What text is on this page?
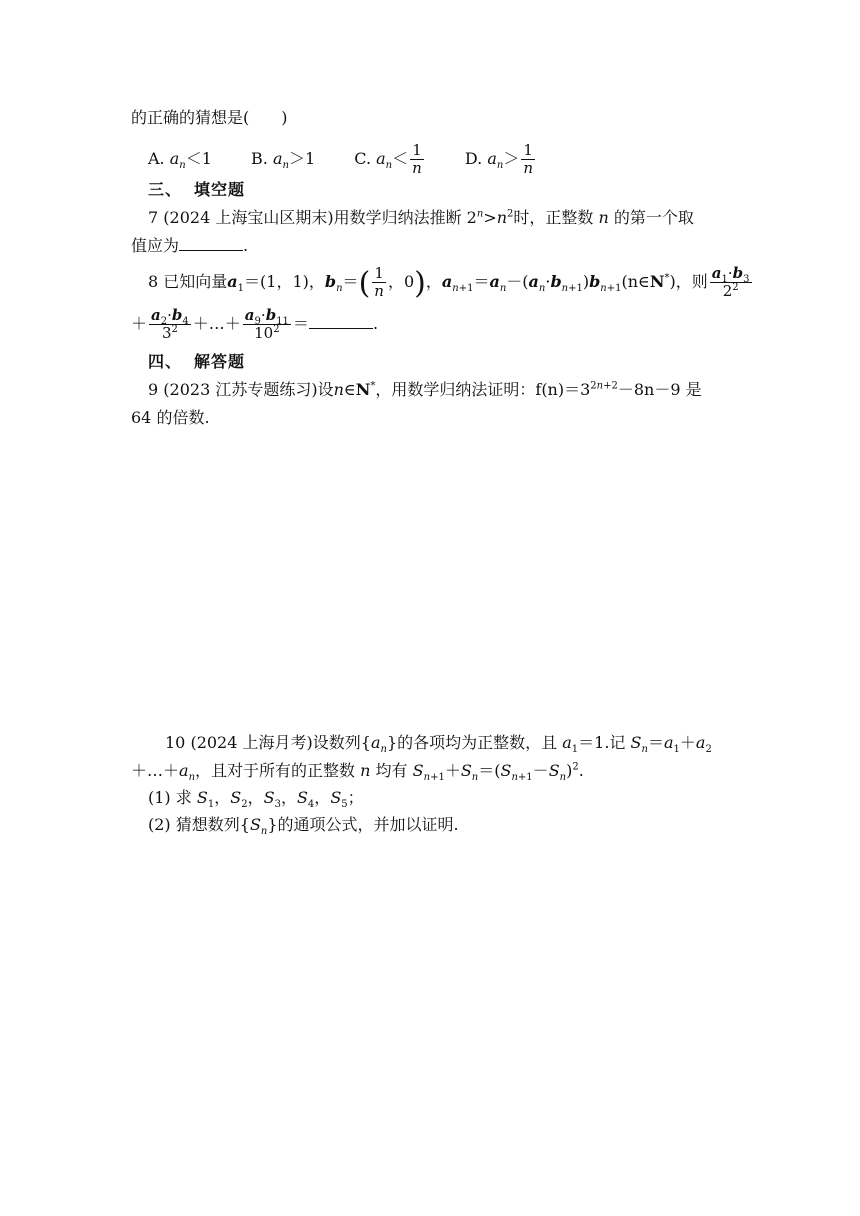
的正确的猜想是(　　)
A. $a_n<1$ B. $a_n>1$ C. $a_n< \frac{1}{n}$	D. $a_n> \frac{1}{n}$
三、 填空题
7 (2024 上海宝山区期末)用数学归纳法推断 $2^n>n^2$时，正整数 n 的第一个取
值应为	.
8 已知向量$a_1=(1$，1)，$b_n=( \frac{1}{n}$ ，0)，$a_{n+1}=a_n-(a_n\cdot b_{n+1})b_{n+1}(n\in N^*)$，则 $\frac{a_1\cdot b_3}{2^2}$
＋ $\frac{a_2\cdot b_4}{3^2}$ ＋…＋ $\frac{a_9\cdot b_{11}}{10^2}$ ＝	.
四、 解答题
9 (2023 江苏专题练习)设n∈N*，用数学归纳法证明：$f(n)=3^{2n+2}-8n-9$ 是
64 的倍数.
10 (2024 上海月考)设数列$\{a_n\}$的各项均为正整数，且 $a_1=1$.记 $S_n=a_1+a_2$
$+\dots+a_n$，且对于所有的正整数 n 均有 $S_{n+1}+S_n=(S_{n+1}-S_n)^2$.
(1) 求 $S_1$，$S_2$，$S_3$，$S_4$，$S_5$；
(2) 猜想数列$\{S_n\}$的通项公式，并加以证明.
